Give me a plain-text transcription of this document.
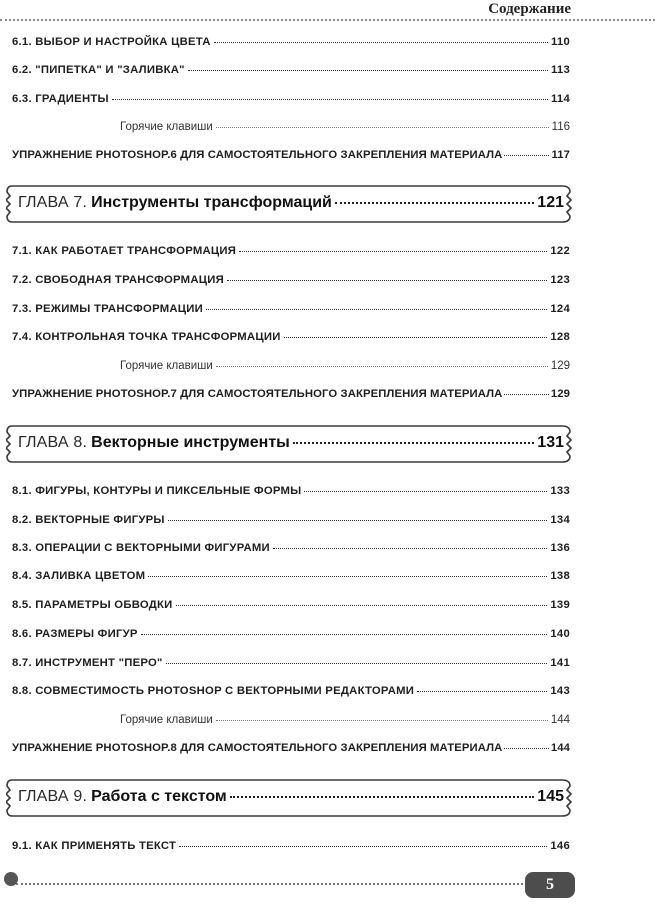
Содержание
6.1. ВЫБОР И НАСТРОЙКА ЦВЕТА	110
6.2. "ПИПЕТКА" И "ЗАЛИВКА"	113
6.3. ГРАДИЕНТЫ	114
Горячие клавиши	116
УПРАЖНЕНИЕ PHOTOSHOP.6 ДЛЯ САМОСТОЯТЕЛЬНОГО ЗАКРЕПЛЕНИЯ МАТЕРИАЛА	117
ГЛАВА 7. Инструменты трансформаций	121
7.1. КАК РАБОТАЕТ ТРАНСФОРМАЦИЯ	122
7.2. СВОБОДНАЯ ТРАНСФОРМАЦИЯ	123
7.3. РЕЖИМЫ ТРАНСФОРМАЦИИ	124
7.4. КОНТРОЛЬНАЯ ТОЧКА ТРАНСФОРМАЦИИ	128
Горячие клавиши	129
УПРАЖНЕНИЕ PHOTOSHOP.7 ДЛЯ САМОСТОЯТЕЛЬНОГО ЗАКРЕПЛЕНИЯ МАТЕРИАЛА	129
ГЛАВА 8. Векторные инструменты	131
8.1. ФИГУРЫ, КОНТУРЫ И ПИКСЕЛЬНЫЕ ФОРМЫ	133
8.2. ВЕКТОРНЫЕ ФИГУРЫ	134
8.3. ОПЕРАЦИИ С ВЕКТОРНЫМИ ФИГУРАМИ	136
8.4. ЗАЛИВКА ЦВЕТОМ	138
8.5. ПАРАМЕТРЫ ОБВОДКИ	139
8.6. РАЗМЕРЫ ФИГУР	140
8.7. ИНСТРУМЕНТ "ПЕРО"	141
8.8. СОВМЕСТИМОСТЬ PHOTOSHOP С ВЕКТОРНЫМИ РЕДАКТОРАМИ	143
Горячие клавиши	144
УПРАЖНЕНИЕ PHOTOSHOP.8 ДЛЯ САМОСТОЯТЕЛЬНОГО ЗАКРЕПЛЕНИЯ МАТЕРИАЛА	144
ГЛАВА 9. Работа с текстом	145
9.1. КАК ПРИМЕНЯТЬ ТЕКСТ	146
5
